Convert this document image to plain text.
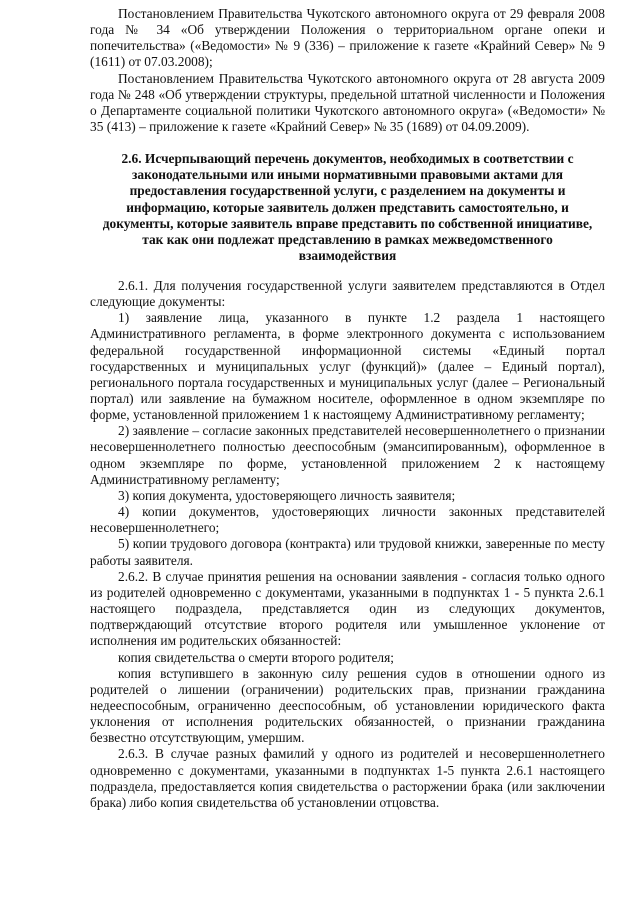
Постановлением Правительства Чукотского автономного округа от 29 февраля 2008 года № 34 «Об утверждении Положения о территориальном органе опеки и попечительства» («Ведомости» № 9 (336) – приложение к газете «Крайний Север» № 9 (1611) от 07.03.2008);

Постановлением Правительства Чукотского автономного округа от 28 августа 2009 года № 248 «Об утверждении структуры, предельной штатной численности и Положения о Департаменте социальной политики Чукотского автономного округа» («Ведомости» № 35 (413) – приложение к газете «Крайний Север» № 35 (1689) от 04.09.2009).

2.6. Исчерпывающий перечень документов, необходимых в соответствии с законодательными или иными нормативными правовыми актами для предоставления государственной услуги, с разделением на документы и информацию, которые заявитель должен представить самостоятельно, и документы, которые заявитель вправе представить по собственной инициативе, так как они подлежат представлению в рамках межведомственного взаимодействия

2.6.1. Для получения государственной услуги заявителем представляются в Отдел следующие документы:

1) заявление лица, указанного в пункте 1.2 раздела 1 настоящего Административного регламента, в форме электронного документа с использованием федеральной государственной информационной системы «Единый портал государственных и муниципальных услуг (функций)» (далее – Единый портал), регионального портала государственных и муниципальных услуг (далее – Региональный портал) или заявление на бумажном носителе, оформленное в одном экземпляре по форме, установленной приложением 1 к настоящему Административному регламенту;

2) заявление – согласие законных представителей несовершеннолетнего о признании несовершеннолетнего полностью дееспособным (эмансипированным), оформленное в одном экземпляре по форме, установленной приложением 2 к настоящему Административному регламенту;

3) копия документа, удостоверяющего личность заявителя;

4) копии документов, удостоверяющих личности законных представителей несовершеннолетнего;

5) копии трудового договора (контракта) или трудовой книжки, заверенные по месту работы заявителя.

2.6.2. В случае принятия решения на основании заявления - согласия только одного из родителей одновременно с документами, указанными в подпунктах 1 - 5 пункта 2.6.1 настоящего подраздела, представляется один из следующих документов, подтверждающий отсутствие второго родителя или умышленное уклонение от исполнения им родительских обязанностей:

копия свидетельства о смерти второго родителя;

копия вступившего в законную силу решения судов в отношении одного из родителей о лишении (ограничении) родительских прав, признании гражданина недееспособным, ограниченно дееспособным, об установлении юридического факта уклонения от исполнения родительских обязанностей, о признании гражданина безвестно отсутствующим, умершим.

2.6.3. В случае разных фамилий у одного из родителей и несовершеннолетнего одновременно с документами, указанными в подпунктах 1-5 пункта 2.6.1 настоящего подраздела, предоставляется копия свидетельства о расторжении брака (или заключении брака) либо копия свидетельства об установлении отцовства.
